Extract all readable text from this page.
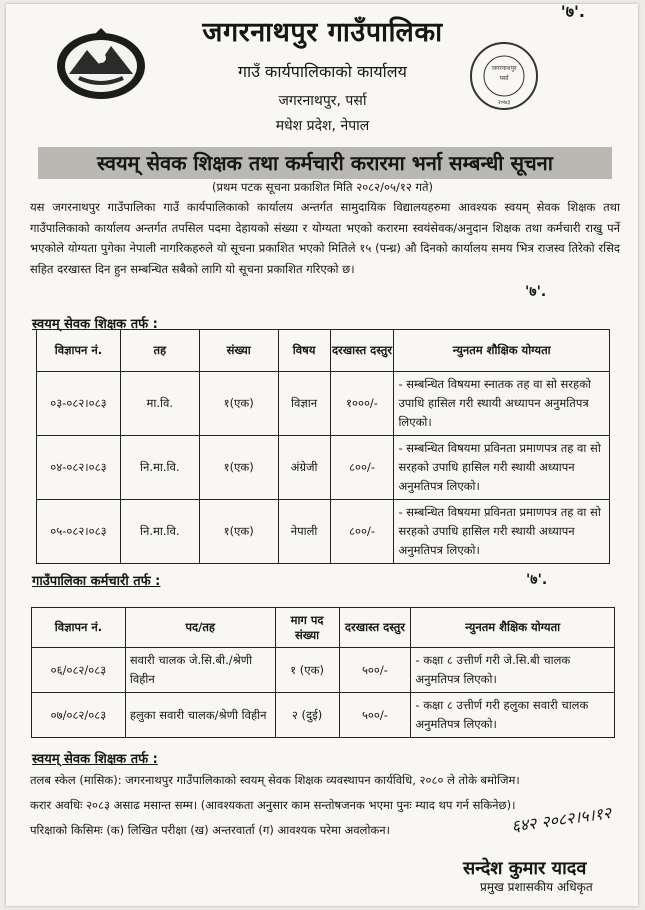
'७'.
जगरनाथपुर गाउँपालिका
गाउँ कार्यपालिकाको कार्यालय
जगरनाथपुर, पर्सा
मधेश प्रदेश, नेपाल
जगरनाथपुर
पर्सा
२०७३
स्वयम् सेवक शिक्षक तथा कर्मचारी करारमा भर्ना सम्बन्धी सूचना
(प्रथम पटक सूचना प्रकाशित मिति २०८२/०५/१२ गते)
यस जगरनाथपुर गाउँपालिका गाउँ कार्यपालिकाको कार्यालय अन्तर्गत सामुदायिक विद्यालयहरुमा आवश्यक स्वयम् सेवक शिक्षक तथा गाउँपालिकाको कार्यालय अन्तर्गत तपसिल पदमा देहायको संख्या र योग्यता भएको करारमा स्वयंसेवक/अनुदान शिक्षक तथा कर्मचारी राखु पर्ने भएकोले योग्यता पुगेका नेपाली नागरिकहरुले यो सूचना प्रकाशित भएको मितिले १५ (पन्ध्र) औ दिनको कार्यालय समय भित्र राजस्व तिरेको रसिद सहित दरखास्त दिन हुन सम्बन्धित सबैको लागि यो सूचना प्रकाशित गरिएको छ।
'७'.
स्वयम् सेवक शिक्षक तर्फ :
विज्ञापन नं.	तह	संख्या	विषय	दरखास्त दस्तुर	न्युनतम शौक्षिक योग्यता
०३-०८२।०८३	मा.वि.	१(एक)	विज्ञान	१०००/-	- सम्बन्धित विषयमा स्नातक तह वा सो सरहको उपाधि हासिल गरी स्थायी अध्यापन अनुमतिपत्र लिएको।
०४-०८२।०८३	नि.मा.वि.	१(एक)	अंग्रेजी	८००/-	- सम्बन्धित विषयमा प्रविनता प्रमाणपत्र तह वा सो सरहको उपाधि हासिल गरी स्थायी अध्यापन अनुमतिपत्र लिएको।
०५-०८२।०८३	नि.मा.वि.	१(एक)	नेपाली	८००/-	- सम्बन्धित विषयमा प्रविनता प्रमाणपत्र तह वा सो सरहको उपाधि हासिल गरी स्थायी अध्यापन अनुमतिपत्र लिएको।
गाउँपालिका कर्मचारी तर्फ :	'७'.
विज्ञापन नं.	पद/तह	माग पद संख्या	दरखास्त दस्तुर	न्युनतम शैक्षिक योग्यता
०६/०८२/०८३	सवारी चालक जे.सि.बी./श्रेणी विहीन	१ (एक)	५००/-	- कक्षा ८ उत्तीर्ण गरी जे.सि.बी चालक अनुमतिपत्र लिएको।
०७/०८२/०८३	हलुका सवारी चालक/श्रेणी विहीन	२ (दुई)	५००/-	- कक्षा ८ उत्तीर्ण गरी हलुका सवारी चालक अनुमतिपत्र लिएको।
स्वयम् सेवक शिक्षक तर्फ :
तलब स्केल (मासिक): जगरनाथपुर गाउँपालिकाको स्वयम् सेवक शिक्षक व्यवस्थापन कार्यविधि, २०८० ले तोके बमोजिम।
करार अवधिः २०८३ असाढ मसान्त सम्म। (आवश्यकता अनुसार काम सन्तोषजनक भएमा पुनः म्याद थप गर्न सकिनेछ)।
परिक्षाको किसिमः (क) लिखित परीक्षा (ख) अन्तरवार्ता (ग) आवश्यक परेमा अवलोकन।	६४२ २०८२।५।१२
सन्देश कुमार यादव
प्रमुख प्रशासकीय अधिकृत
